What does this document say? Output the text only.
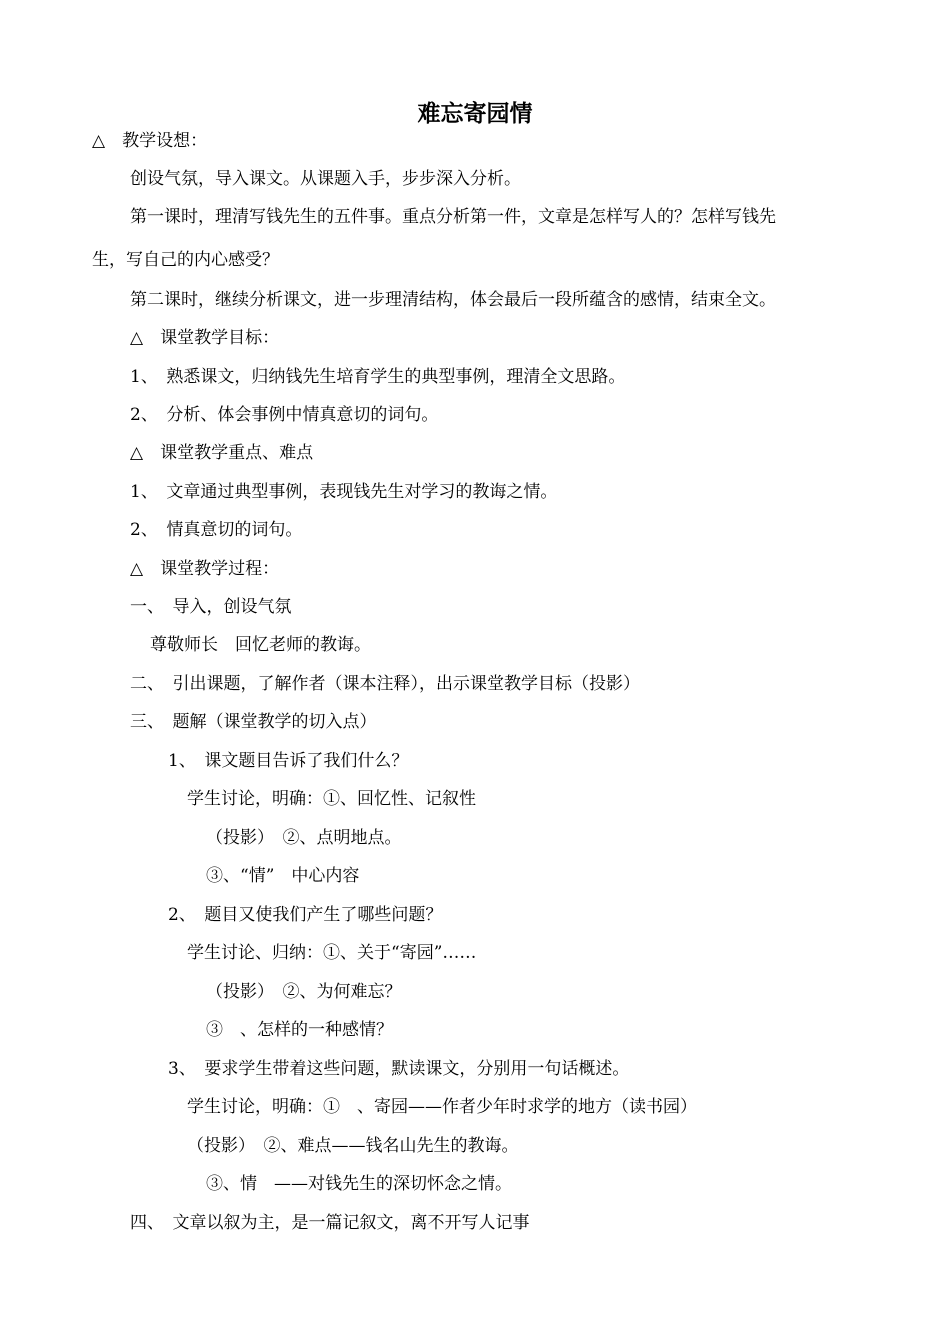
难忘寄园情
△　教学设想：
创设气氛，导入课文。从课题入手，步步深入分析。
第一课时，理清写钱先生的五件事。重点分析第一件，文章是怎样写人的？怎样写钱先
生，写自己的内心感受？
第二课时，继续分析课文，进一步理清结构，体会最后一段所蕴含的感情，结束全文。
△　课堂教学目标：
1、　熟悉课文，归纳钱先生培育学生的典型事例，理清全文思路。
2、　分析、体会事例中情真意切的词句。
△　课堂教学重点、难点
1、　文章通过典型事例，表现钱先生对学习的教诲之情。
2、　情真意切的词句。
△　课堂教学过程：
一、　导入，创设气氛
尊敬师长　回忆老师的教诲。
二、　引出课题，了解作者（课本注释），出示课堂教学目标（投影）
三、　题解（课堂教学的切入点）
1、　课文题目告诉了我们什么？
学生讨论，明确：①、回忆性、记叙性
（投影）　②、点明地点。
③、“情”　中心内容
2、　题目又使我们产生了哪些问题？
学生讨论、归纳：①、关于“寄园”……
（投影）　②、为何难忘？
③　、怎样的一种感情？
3、　要求学生带着这些问题，默读课文，分别用一句话概述。
学生讨论，明确：①　、寄园——作者少年时求学的地方（读书园）
（投影）　②、难点——钱名山先生的教诲。
③、情　——对钱先生的深切怀念之情。
四、　文章以叙为主，是一篇记叙文，离不开写人记事
